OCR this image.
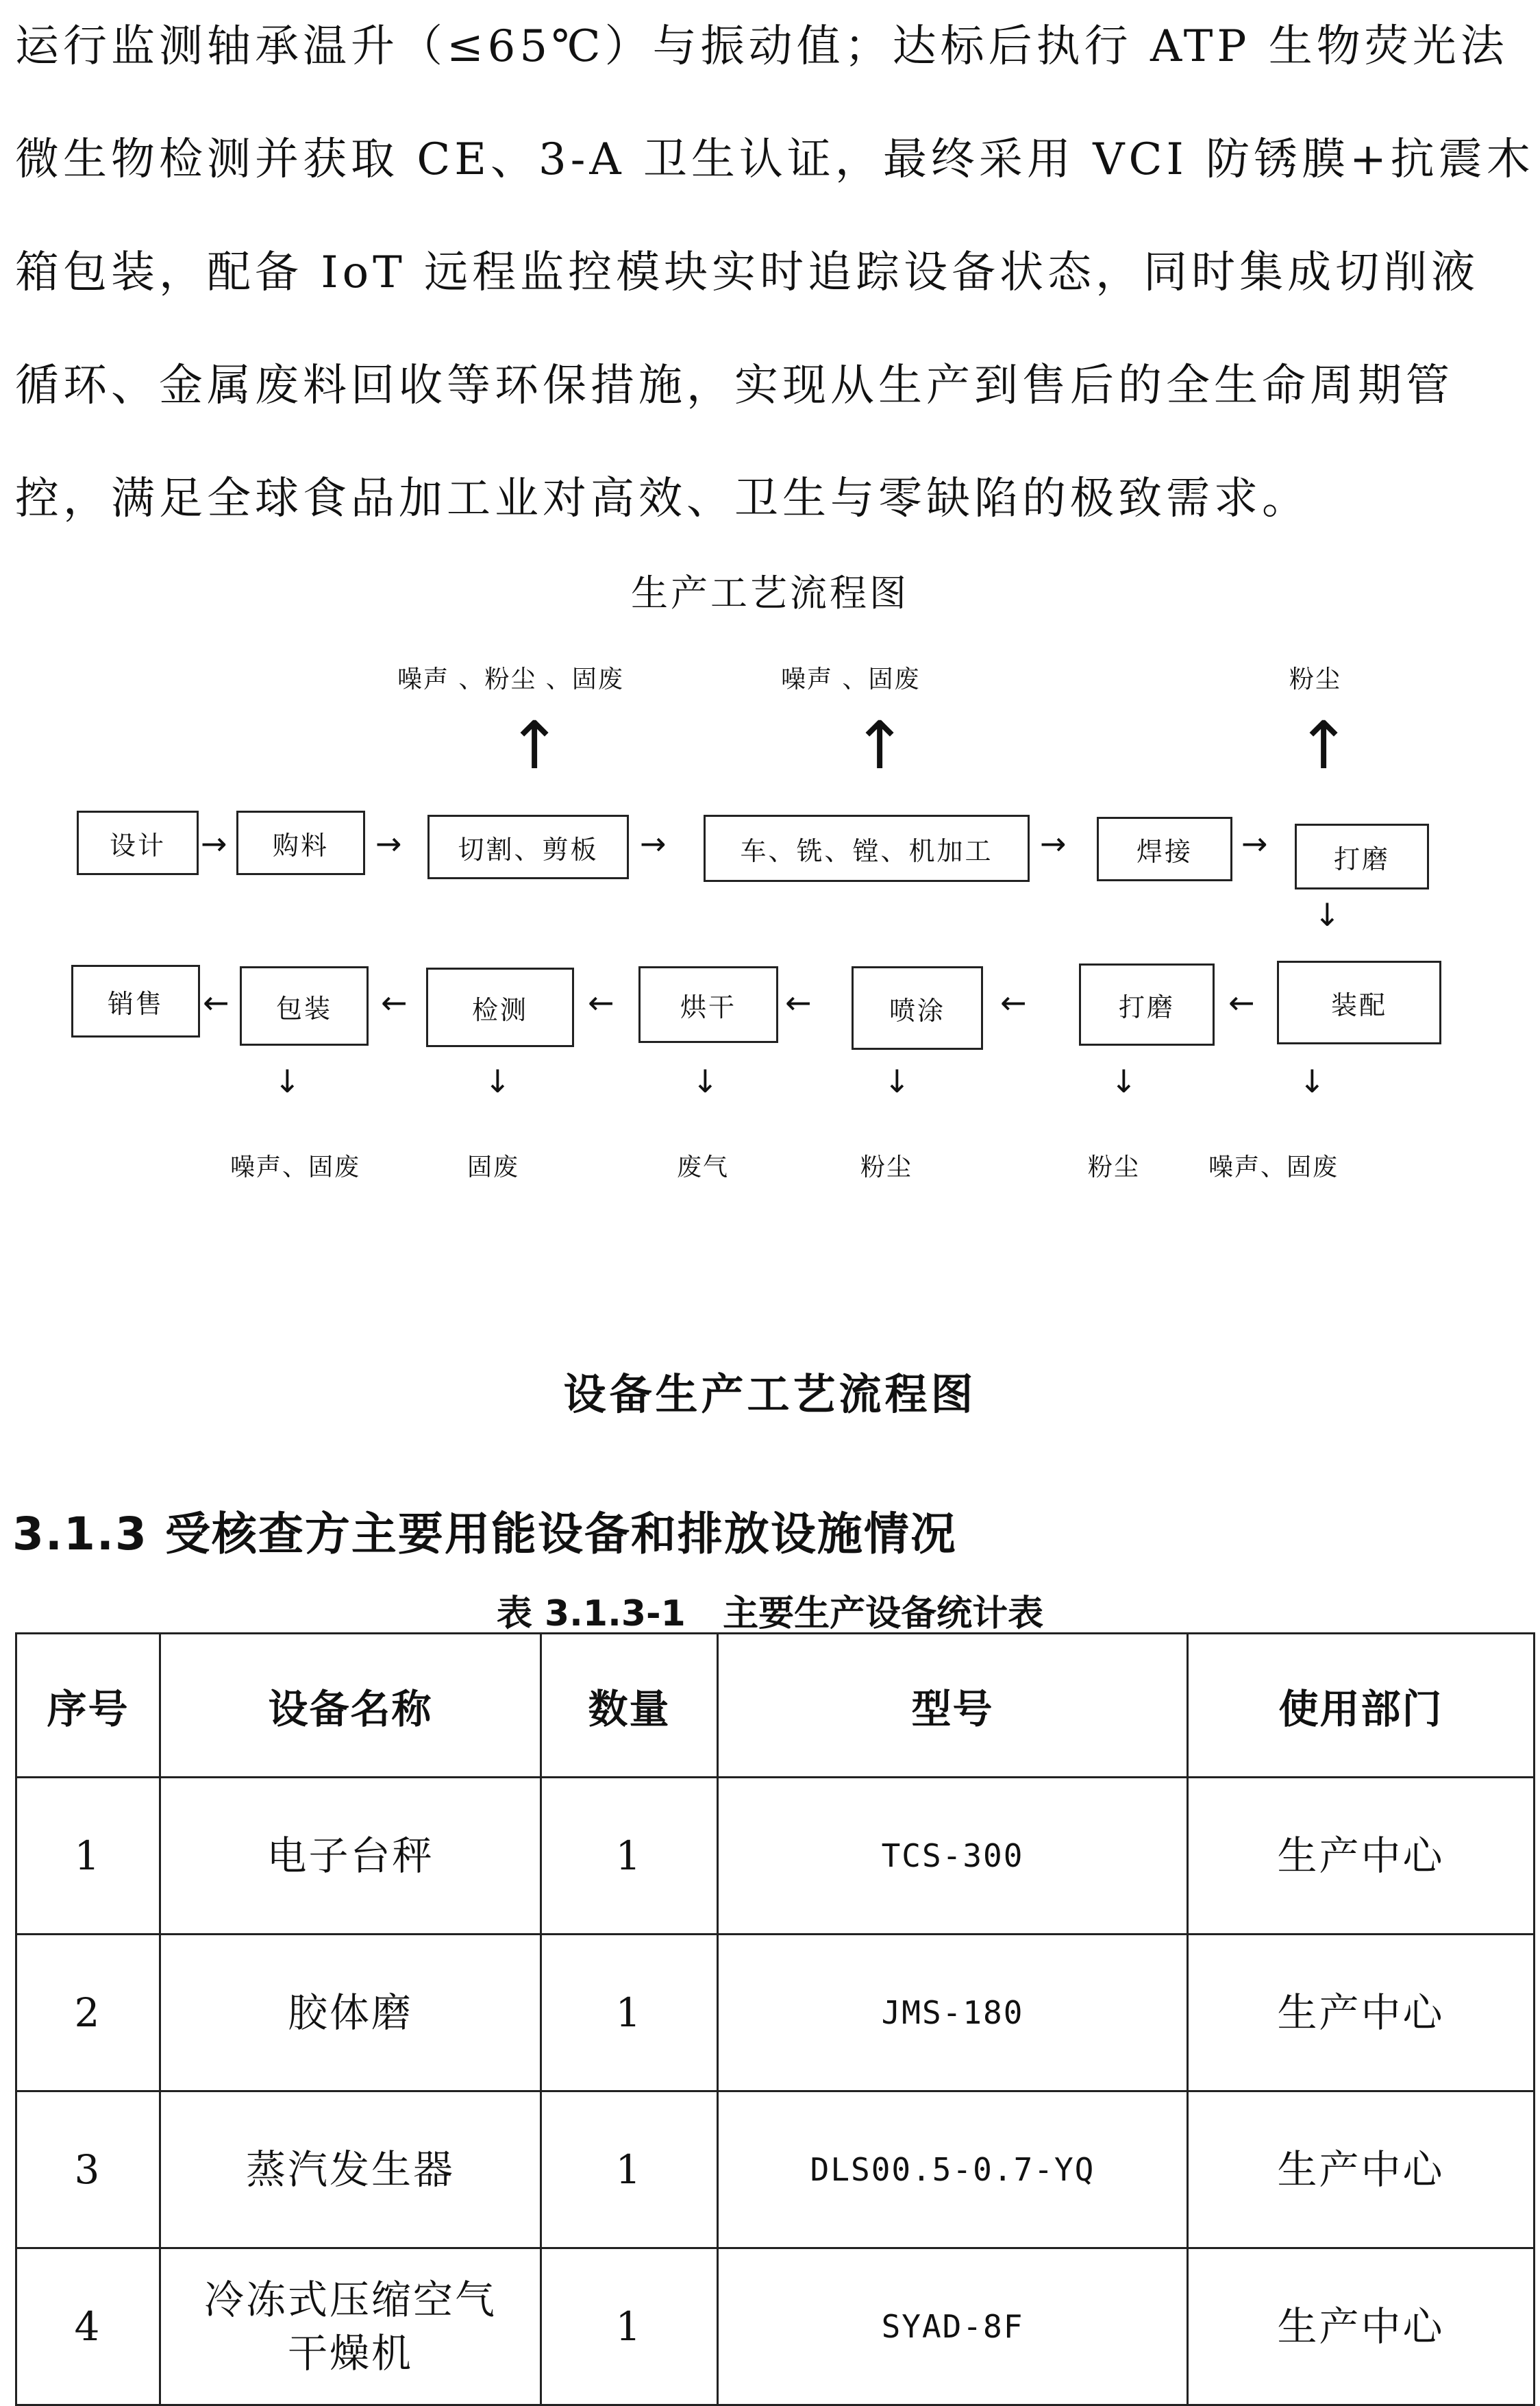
运行监测轴承温升（≤65℃）与振动值；达标后执行 ATP 生物荧光法
微生物检测并获取 CE、3-A 卫生认证，最终采用 VCI 防锈膜+抗震木
箱包装，配备 IoT 远程监控模块实时追踪设备状态，同时集成切削液
循环、金属废料回收等环保措施，实现从生产到售后的全生命周期管
控，满足全球食品加工业对高效、卫生与零缺陷的极致需求。
生产工艺流程图
噪声 、粉尘 、固废	噪声 、固废	粉尘
↑	↑	↑
设计	购料	切割、剪板	车、铣、镗、机加工	焊接	打磨
→	→	→	→	→
↓
销售	包装	检测	烘干	喷涂	打磨	装配
←	←	←	←	←	←
↓	↓	↓	↓	↓	↓
噪声、固废	固废	废气	粉尘	粉尘	噪声、固废
设备生产工艺流程图
3.1.3 受核查方主要用能设备和排放设施情况
表 3.1.3-1   主要生产设备统计表
序号	设备名称	数量	型号	使用部门
1	电子台秤	1	TCS-300	生产中心
2	胶体磨	1	JMS-180	生产中心
3	蒸汽发生器	1	DLS00.5-0.7-YQ	生产中心
4	冷冻式压缩空气干燥机	1	SYAD-8F	生产中心
